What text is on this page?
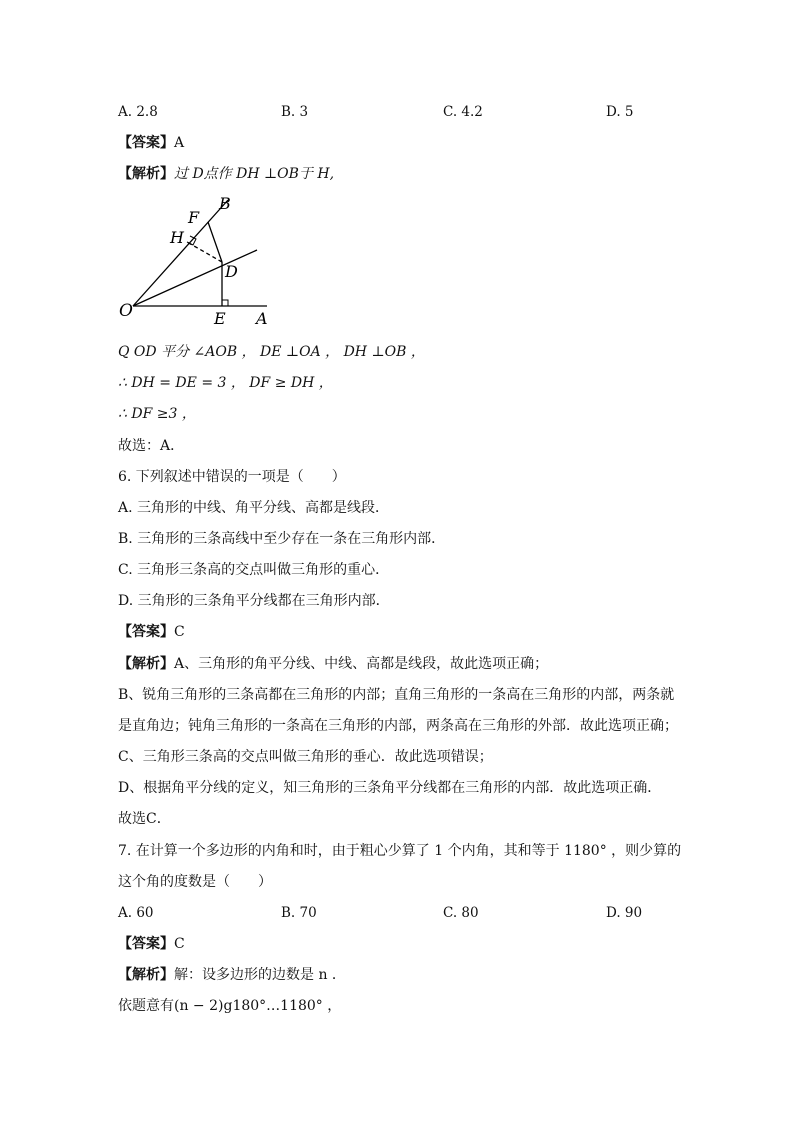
A. 2.8	B. 3	C. 4.2	D. 5
【答案】A
【解析】过 D点作 DH ⊥OB于 H,
B
F
H
D
O	E A
Q OD 平分 ∠AOB ， DE ⊥OA ， DH ⊥OB ，
∴ DH = DE = 3 ， DF ≥ DH ，
∴ DF ≥3 ，
故选：A．
6. 下列叙述中错误的一项是（　　）
A. 三角形的中线、角平分线、高都是线段．
B. 三角形的三条高线中至少存在一条在三角形内部．
C. 三角形三条高的交点叫做三角形的重心．
D. 三角形的三条角平分线都在三角形内部．
【答案】C
【解析】A、三角形的角平分线、中线、高都是线段，故此选项正确；
B、锐角三角形的三条高都在三角形的内部；直角三角形的一条高在三角形的内部，两条就
是直角边；钝角三角形的一条高在三角形的内部，两条高在三角形的外部．故此选项正确；
C、三角形三条高的交点叫做三角形的垂心．故此选项错误；
D、根据角平分线的定义，知三角形的三条角平分线都在三角形的内部．故此选项正确．
故选C．
7. 在计算一个多边形的内角和时，由于粗心少算了 1 个内角，其和等于 1180° ，则少算的
这个角的度数是（　　）
A. 60	B. 70	C. 80	D. 90
【答案】C
【解析】解：设多边形的边数是 n ．
依题意有(n − 2)g180°…1180° ，
